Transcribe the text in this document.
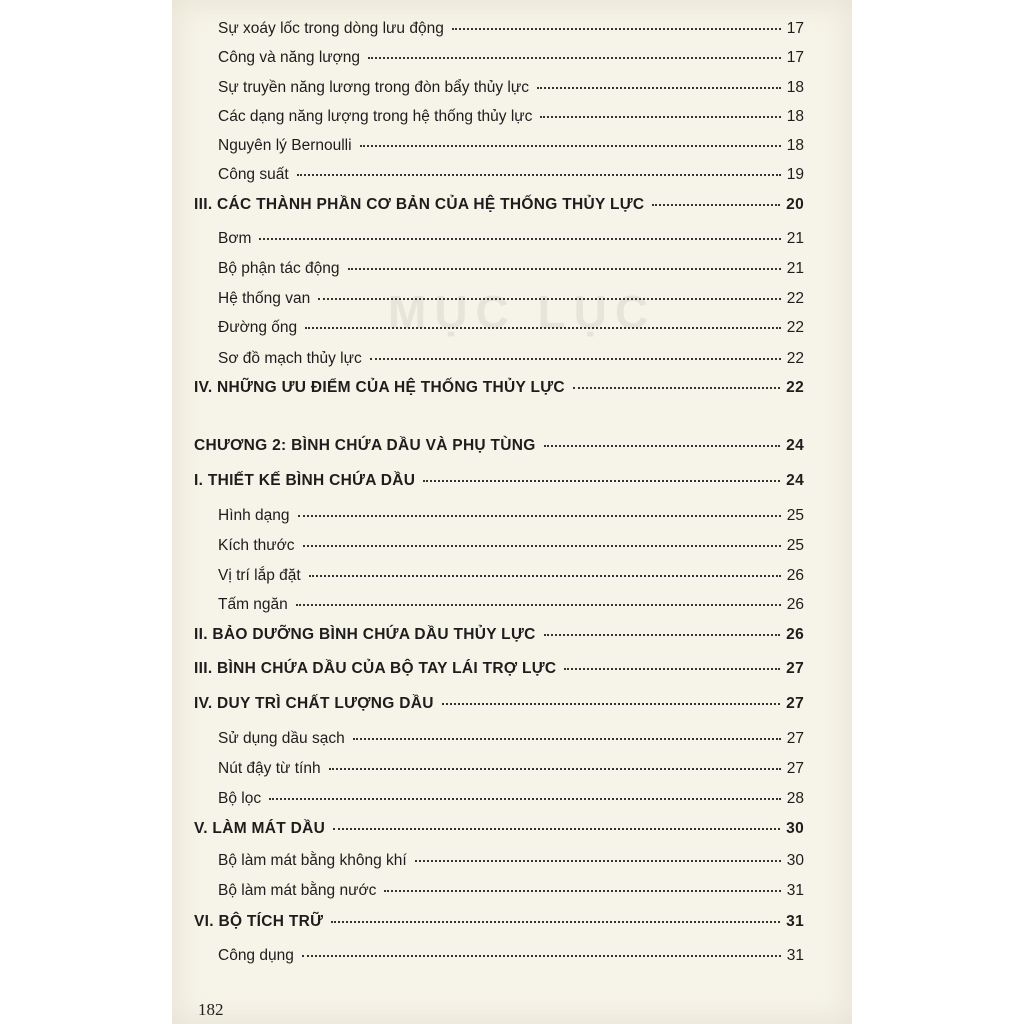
MỤC LỤC
Sự xoáy lốc trong dòng lưu động	17
Công và năng lượng	17
Sự truyền năng lương trong đòn bẩy thủy lực	18
Các dạng năng lượng trong hệ thống thủy lực	18
Nguyên lý Bernoulli	18
Công suất	19
III. CÁC THÀNH PHẦN CƠ BẢN CỦA HỆ THỐNG THỦY LỰC	20
Bơm	21
Bộ phận tác động	21
Hệ thống van	22
Đường ống	22
Sơ đồ mạch thủy lực	22
IV. NHỮNG ƯU ĐIỂM CỦA HỆ THỐNG THỦY LỰC	22
CHƯƠNG 2: BÌNH CHỨA DẦU VÀ PHỤ TÙNG	24
I. THIẾT KẾ BÌNH CHỨA DẦU	24
Hình dạng	25
Kích thước	25
Vị trí lắp đặt	26
Tấm ngăn	26
II. BẢO DƯỠNG BÌNH CHỨA DẦU THỦY LỰC	26
III. BÌNH CHỨA DẦU CỦA BỘ TAY LÁI TRỢ LỰC	27
IV. DUY TRÌ CHẤT LƯỢNG DẦU	27
Sử dụng dầu sạch	27
Nút đậy từ tính	27
Bộ lọc	28
V. LÀM MÁT DẦU	30
Bộ làm mát bằng không khí	30
Bộ làm mát bằng nước	31
VI. BỘ TÍCH TRỮ	31
Công dụng	31
182
